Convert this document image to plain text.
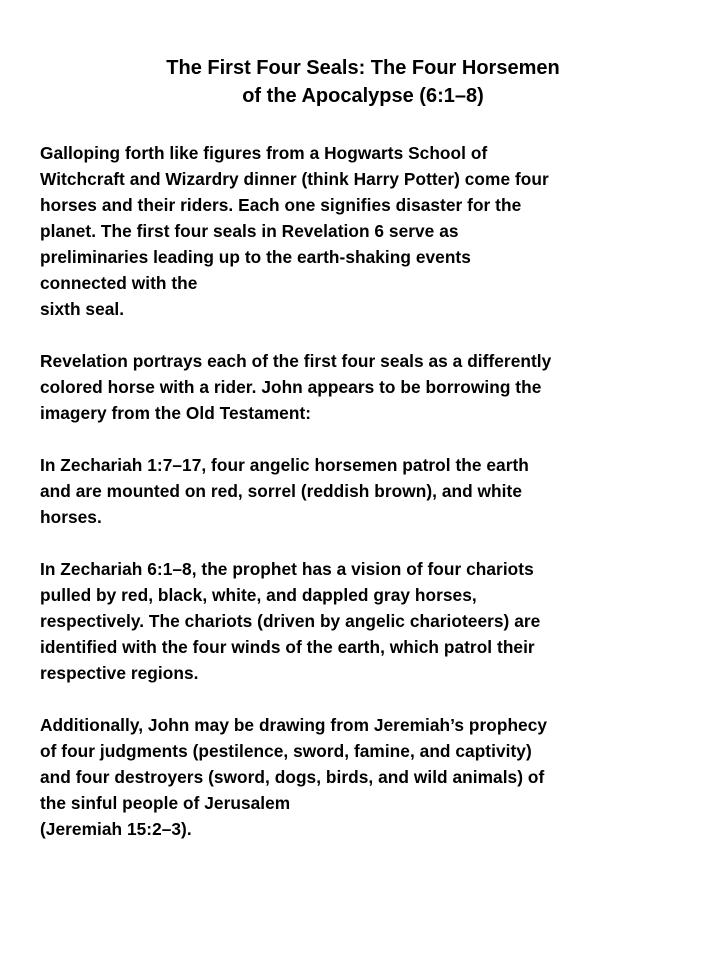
The First Four Seals: The Four Horsemen
of the Apocalypse (6:1–8)

Galloping forth like figures from a Hogwarts School of
Witchcraft and Wizardry dinner (think Harry Potter) come four
horses and their riders. Each one signifies disaster for the
planet. The first four seals in Revelation 6 serve as
preliminaries leading up to the earth-shaking events
connected with the
sixth seal.

Revelation portrays each of the first four seals as a differently
colored horse with a rider. John appears to be borrowing the
imagery from the Old Testament:

In Zechariah 1:7–17, four angelic horsemen patrol the earth
and are mounted on red, sorrel (reddish brown), and white
horses.

In Zechariah 6:1–8, the prophet has a vision of four chariots
pulled by red, black, white, and dappled gray horses,
respectively. The chariots (driven by angelic charioteers) are
identified with the four winds of the earth, which patrol their
respective regions.

Additionally, John may be drawing from Jeremiah’s prophecy
of four judgments (pestilence, sword, famine, and captivity)
and four destroyers (sword, dogs, birds, and wild animals) of
the sinful people of Jerusalem
(Jeremiah 15:2–3).
